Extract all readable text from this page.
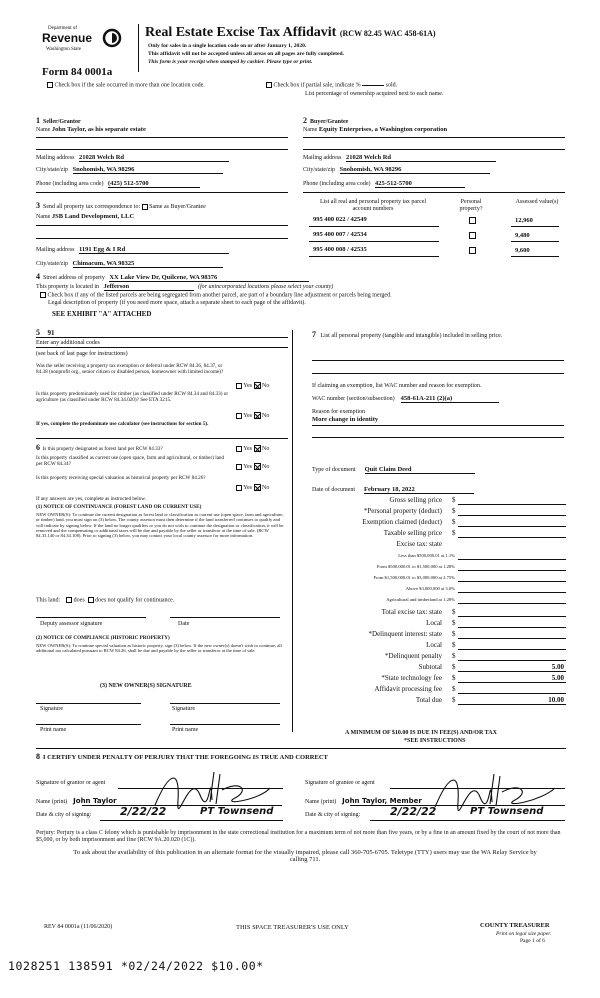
Department of
Revenue
Washington State
Form 84 0001a
Real Estate Excise Tax Affidavit (RCW 82.45 WAC 458-61A)
Only for sales in a single location code on or after January 1, 2020.
This affidavit will not be accepted unless all areas on all pages are fully completed.
This form is your receipt when stamped by cashier. Please type or print.
Check box if the sale occurred in more than one location code.	Check box if partial sale, indicate %	sold.
List percentage of ownership acquired next to each name.
1 Seller/Grantor
Name John Taylor, as his separate estate
Mailing address 21028 Welch Rd
City/state/zip Snohomish, WA 98296
Phone (including area code) (425) 512-5700
2 Buyer/Grantee
Name Equity Enterprises, a Washington corporation
Mailing address 21028 Welch Rd
City/state/zip Snohomish, WA 98296
Phone (including area code) 425-512-5700
3 Send all property tax correspondence to: Same as Buyer/Grantee
Name JSB Land Development, LLC
Mailing address 1191 Egg & I Rd
City/state/zip Chimacum, WA 98325
List all real and personal property tax parcel account numbers
Personal property?
Assessed value(s)
995 400 022 / 42549	12,960
995 400 007 / 42534	9,480
995 400 008 / 42535	9,600
4 Street address of property XX Lake View Dr, Quilcene, WA 98376
This property is located in Jefferson	(for unincorporated locations please select your county)
Check box if any of the listed parcels are being segregated from another parcel, are part of a boundary line adjustment or parcels being merged.
Legal description of property (if you need more space, attach a separate sheet to each page of the affidavit).
SEE EXHIBIT "A" ATTACHED
5 91
Enter any additional codes
(see back of last page for instructions)
Was the seller receiving a property tax exemption or deferral under RCW 84.36, 84.37, or 84.38 (nonprofit org., senior citizen or disabled person, homeowner with limited income)?
Yes No
Is this property predominately used for timber (as classified under RCW 84.34 and 84.33) or agriculture (as classified under RCW 84.34.020)? See ETA 3215.
Yes No
If yes, complete the predominate use calculator (see instructions for section 5).
6 Is this property designated as forest land per RCW 84.33?	Yes No
Is this property classified as current use (open space, farm and agricultural, or timber) land per RCW 84.34?	Yes No
Is this property receiving special valuation as historical property per RCW 84.26?
Yes No
If any answers are yes, complete as instructed below.
(1) NOTICE OF CONTINUANCE (FOREST LAND OR CURRENT USE)
NEW OWNER(S): To continue the current designation as forest land or classification as current use (open space, farm and agriculture, or timber) land, you must sign on (3) below. The county assessor must then determine if the land transferred continues to qualify and will indicate by signing below. If the land no longer qualifies or you do not wish to continue the designation or classification, it will be removed and the compensating or additional taxes will be due and payable by the seller or transferor at the time of sale. (RCW 84.33.140 or 84.34.108). Prior to signing (3) below, you may contact your local county assessor for more information.
This land: does does not qualify for continuance.
Deputy assessor signature	Date
(2) NOTICE OF COMPLIANCE (HISTORIC PROPERTY)
NEW OWNER(S): To continue special valuation as historic property, sign (3) below. If the new owner(s) doesn't wish to continue, all additional tax calculated pursuant to RCW 84.26, shall be due and payable by the seller or transferor at the time of sale.
(3) NEW OWNER(S) SIGNATURE
Signature	Signature
Print name	Print name
7 List all personal property (tangible and intangible) included in selling price.
If claiming an exemption, list WAC number and reason for exemption.
WAC number (section/subsection) 458-61A-211 (2)(a)
Reason for exemption
More change in identity
Type of document Quit Claim Deed
Date of document February 18, 2022
Gross selling price $
*Personal property (deduct) $
Exemption claimed (deduct) $
Taxable selling price $
Excise tax: state
Less than $500,000.01 at 1.1%
From $500,000.01 to $1,500,000 at 1.28%
From $1,500,000.01 to $3,000,000 at 2.75%
Above $3,000,000 at 3.0%
Agricultural and timberland at 1.28%
Total excise tax: state $
Local $
*Delinquent interest: state $
Local $
*Delinquent penalty $
Subtotal $	5.00
*State technology fee $	5.00
Affidavit processing fee $
Total due $	10.00
A MINIMUM OF $10.00 IS DUE IN FEE(S) AND/OR TAX
*SEE INSTRUCTIONS
8 I CERTIFY UNDER PENALTY OF PERJURY THAT THE FOREGOING IS TRUE AND CORRECT
Signature of grantor or agent
Name (print) John Taylor
Date & city of signing:	2/22/22	PT Townsend
Signature of grantee or agent
Name (print) John Taylor, Member
Date & city of signing:	2/22/22	PT Townsend
Perjury: Perjury is a class C felony which is punishable by imprisonment in the state correctional institution for a maximum term of not more than five years, or by a fine in an amount fixed by the court of not more than $5,000, or by both imprisonment and fine (RCW 9A.20.020 (1C)).
To ask about the availability of this publication in an alternate format for the visually impaired, please call 360-705-6705. Teletype (TTY) users may use the WA Relay Service by calling 711.
REV 84 0001a (11/06/2020)	THIS SPACE TREASURER'S USE ONLY	COUNTY TREASURER
Print on legal size paper.
Page 1 of 6
1028251 138591 *02/24/2022 $10.00*
